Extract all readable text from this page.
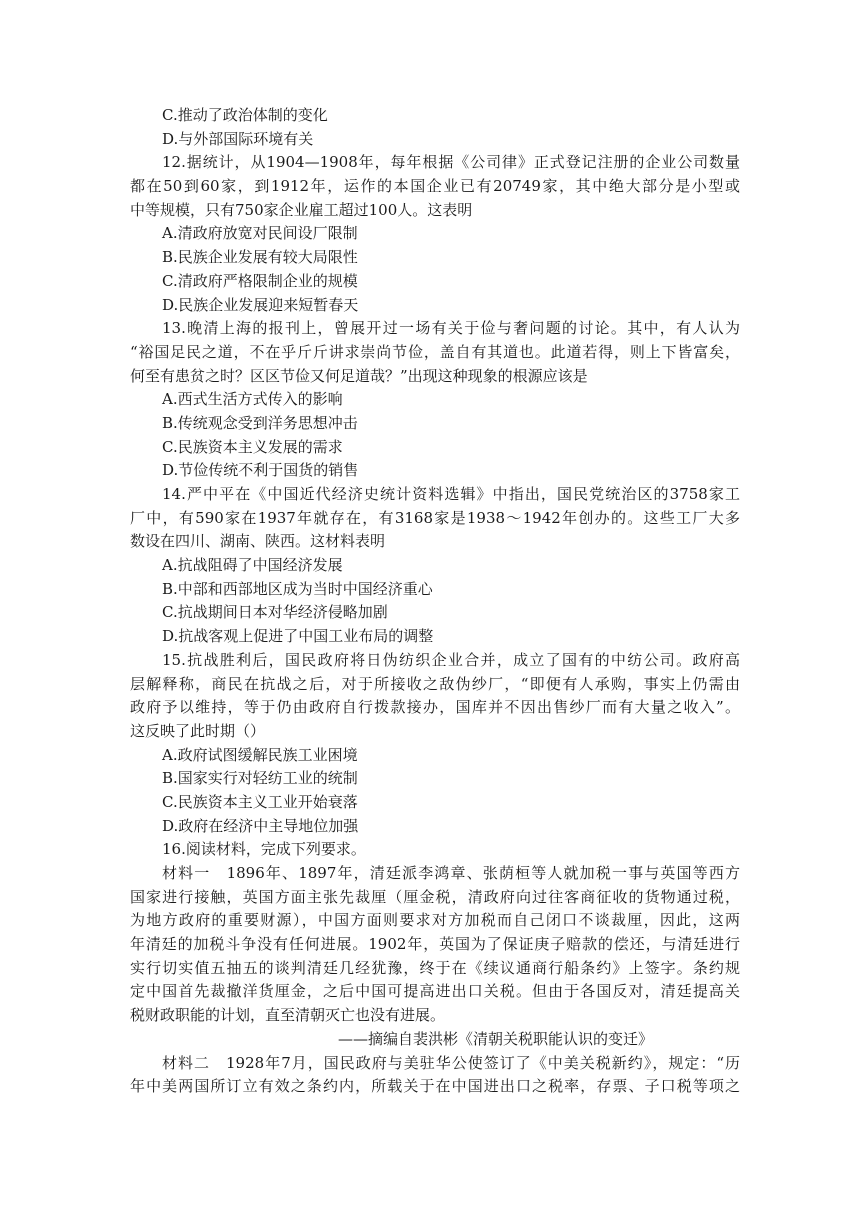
C.推动了政治体制的变化
D.与外部国际环境有关
12.据统计，从1904—1908年，每年根据《公司律》正式登记注册的企业公司数量
都在50到60家，到1912年，运作的本国企业已有20749家，其中绝大部分是小型或
中等规模，只有750家企业雇工超过100人。这表明
A.清政府放宽对民间设厂限制
B.民族企业发展有较大局限性
C.清政府严格限制企业的规模
D.民族企业发展迎来短暂春天
13.晚清上海的报刊上，曾展开过一场有关于俭与奢问题的讨论。其中，有人认为
“裕国足民之道，不在乎斤斤讲求崇尚节俭，盖自有其道也。此道若得，则上下皆富矣，
何至有患贫之时？区区节俭又何足道哉？”出现这种现象的根源应该是
A.西式生活方式传入的影响
B.传统观念受到洋务思想冲击
C.民族资本主义发展的需求
D.节俭传统不利于国货的销售
14.严中平在《中国近代经济史统计资料选辑》中指出，国民党统治区的3758家工
厂中，有590家在1937年就存在，有3168家是1938～1942年创办的。这些工厂大多
数设在四川、湖南、陕西。这材料表明
A.抗战阻碍了中国经济发展
B.中部和西部地区成为当时中国经济重心
C.抗战期间日本对华经济侵略加剧
D.抗战客观上促进了中国工业布局的调整
15.抗战胜利后，国民政府将日伪纺织企业合并，成立了国有的中纺公司。政府高
层解释称，商民在抗战之后，对于所接收之敌伪纱厂，“即便有人承购，事实上仍需由
政府予以维持，等于仍由政府自行拨款接办，国库并不因出售纱厂而有大量之收入”。
这反映了此时期（）
A.政府试图缓解民族工业困境
B.国家实行对轻纺工业的统制
C.民族资本主义工业开始衰落
D.政府在经济中主导地位加强
16.阅读材料，完成下列要求。
材料一　1896年、1897年，清廷派李鸿章、张荫桓等人就加税一事与英国等西方
国家进行接触，英国方面主张先裁厘（厘金税，清政府向过往客商征收的货物通过税，
为地方政府的重要财源），中国方面则要求对方加税而自己闭口不谈裁厘，因此，这两
年清廷的加税斗争没有任何进展。1902年，英国为了保证庚子赔款的偿还，与清廷进行
实行切实值五抽五的谈判清廷几经犹豫，终于在《续议通商行船条约》上签字。条约规
定中国首先裁撤洋货厘金，之后中国可提高进出口关税。但由于各国反对，清廷提高关
税财政职能的计划，直至清朝灭亡也没有进展。
——摘编自裴洪彬《清朝关税职能认识的变迁》
材料二　1928年7月，国民政府与美驻华公使签订了《中美关税新约》，规定：“历
年中美两国所订立有效之条约内，所载关于在中国进出口之税率，存票、子口税等项之
